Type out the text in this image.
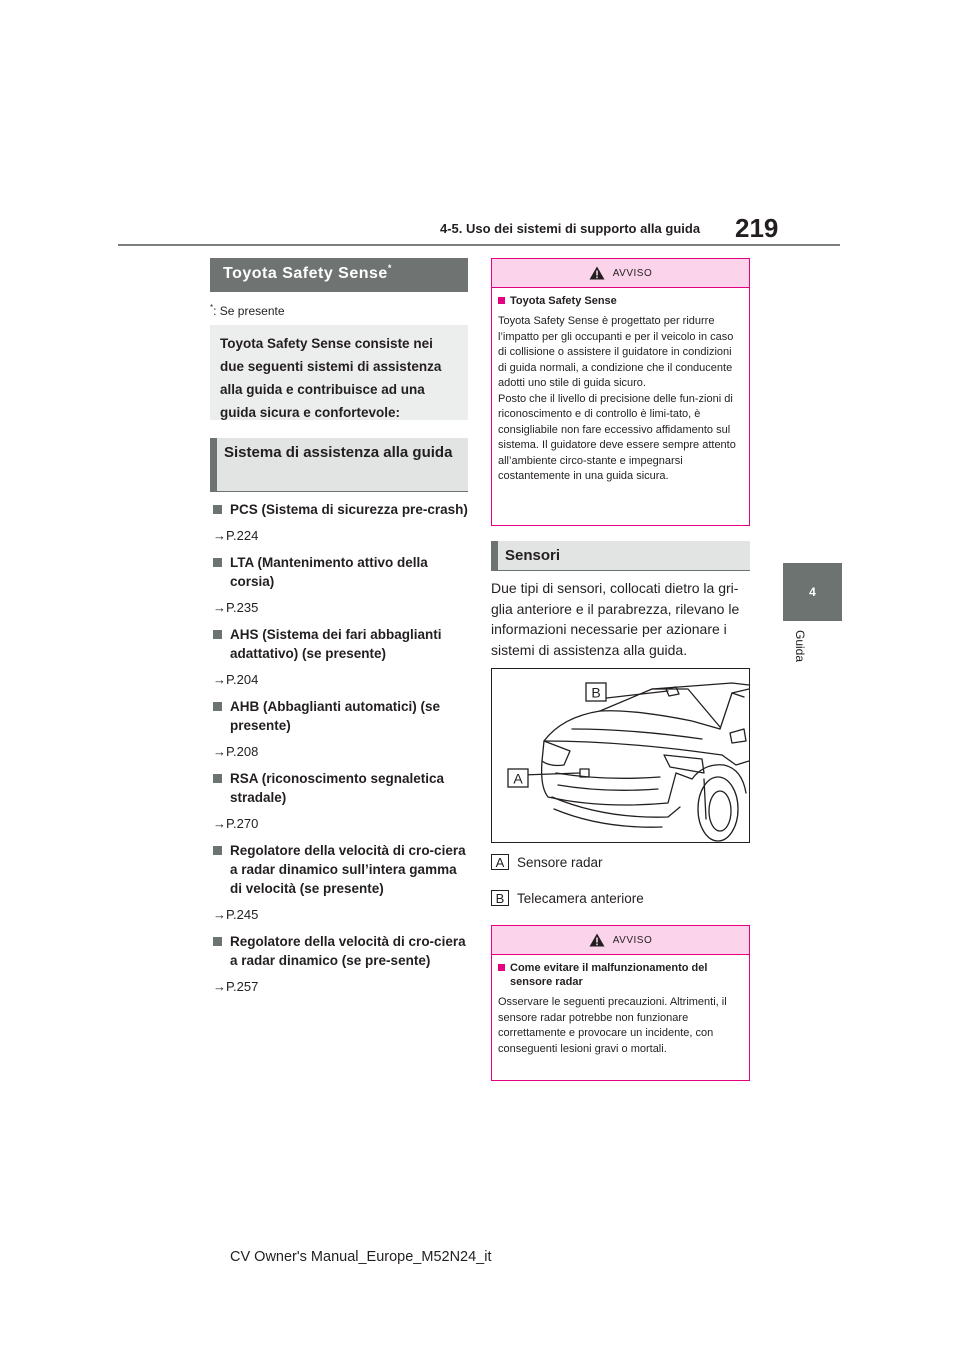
4-5. Uso dei sistemi di supporto alla guida 219
4
Guida
Toyota Safety Sense*
*: Se presente
Toyota Safety Sense consiste nei due seguenti sistemi di assistenza alla guida e contribuisce ad una guida sicura e confortevole:
Sistema di assistenza alla guida
PCS (Sistema di sicurezza pre-crash)
→P.224
LTA (Mantenimento attivo della corsia)
→P.235
AHS (Sistema dei fari abbaglianti adattativo) (se presente)
→P.204
AHB (Abbaglianti automatici) (se presente)
→P.208
RSA (riconoscimento segnaletica stradale)
→P.270
Regolatore della velocità di cro-ciera a radar dinamico sull’intera gamma di velocità (se presente)
→P.245
Regolatore della velocità di cro-ciera a radar dinamico (se pre-sente)
→P.257
AVVISO
Toyota Safety Sense
Toyota Safety Sense è progettato per ridurre l’impatto per gli occupanti e per il veicolo in caso di collisione o assistere il guidatore in condizioni di guida normali, a condizione che il conducente adotti uno stile di guida sicuro.
Posto che il livello di precisione delle fun-zioni di riconoscimento e di controllo è limi-tato, è consigliabile non fare eccessivo affidamento sul sistema. Il guidatore deve essere sempre attento all’ambiente circo-stante e impegnarsi costantemente in una guida sicura.
Sensori
Due tipi di sensori, collocati dietro la gri-glia anteriore e il parabrezza, rilevano le informazioni necessarie per azionare i sistemi di assistenza alla guida.
B
A
A Sensore radar
B Telecamera anteriore
AVVISO
Come evitare il malfunzionamento del sensore radar
Osservare le seguenti precauzioni. Altrimenti, il sensore radar potrebbe non funzionare correttamente e provocare un incidente, con conseguenti lesioni gravi o mortali.
CV Owner's Manual_Europe_M52N24_it
